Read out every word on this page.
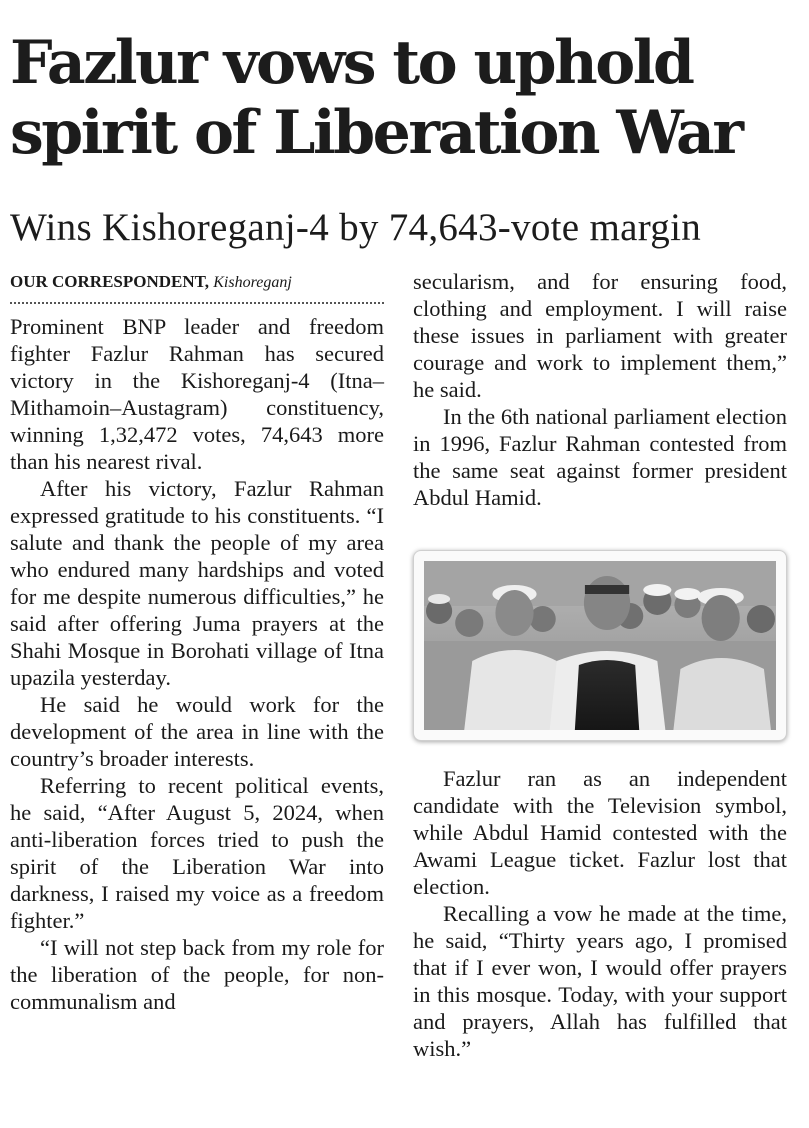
Fazlur vows to uphold
spirit of Liberation War
Wins Kishoreganj-4 by 74,643-vote margin
OUR CORRESPONDENT, Kishoreganj

Prominent BNP leader and freedom fighter Fazlur Rahman has secured victory in the Kishoreganj-4 (Itna–Mithamoin–Austagram) constituency, winning 1,32,472 votes, 74,643 more than his nearest rival.

After his victory, Fazlur Rahman expressed gratitude to his constituents. “I salute and thank the people of my area who endured many hardships and voted for me despite numerous difficulties,” he said after offering Juma prayers at the Shahi Mosque in Borohati village of Itna upazila yesterday.

He said he would work for the development of the area in line with the country’s broader interests.

Referring to recent political events, he said, “After August 5, 2024, when anti-liberation forces tried to push the spirit of the Liberation War into darkness, I raised my voice as a freedom fighter.”

“I will not step back from my role for the liberation of the people, for non-communalism and

secularism, and for ensuring food, clothing and employment. I will raise these issues in parliament with greater courage and work to implement them,” he said.

In the 6th national parliament election in 1996, Fazlur Rahman contested from the same seat against former president Abdul Hamid.

Fazlur ran as an independent candidate with the Television symbol, while Abdul Hamid contested with the Awami League ticket. Fazlur lost that election.

Recalling a vow he made at the time, he said, “Thirty years ago, I promised that if I ever won, I would offer prayers in this mosque. Today, with your support and prayers, Allah has fulfilled that wish.”
